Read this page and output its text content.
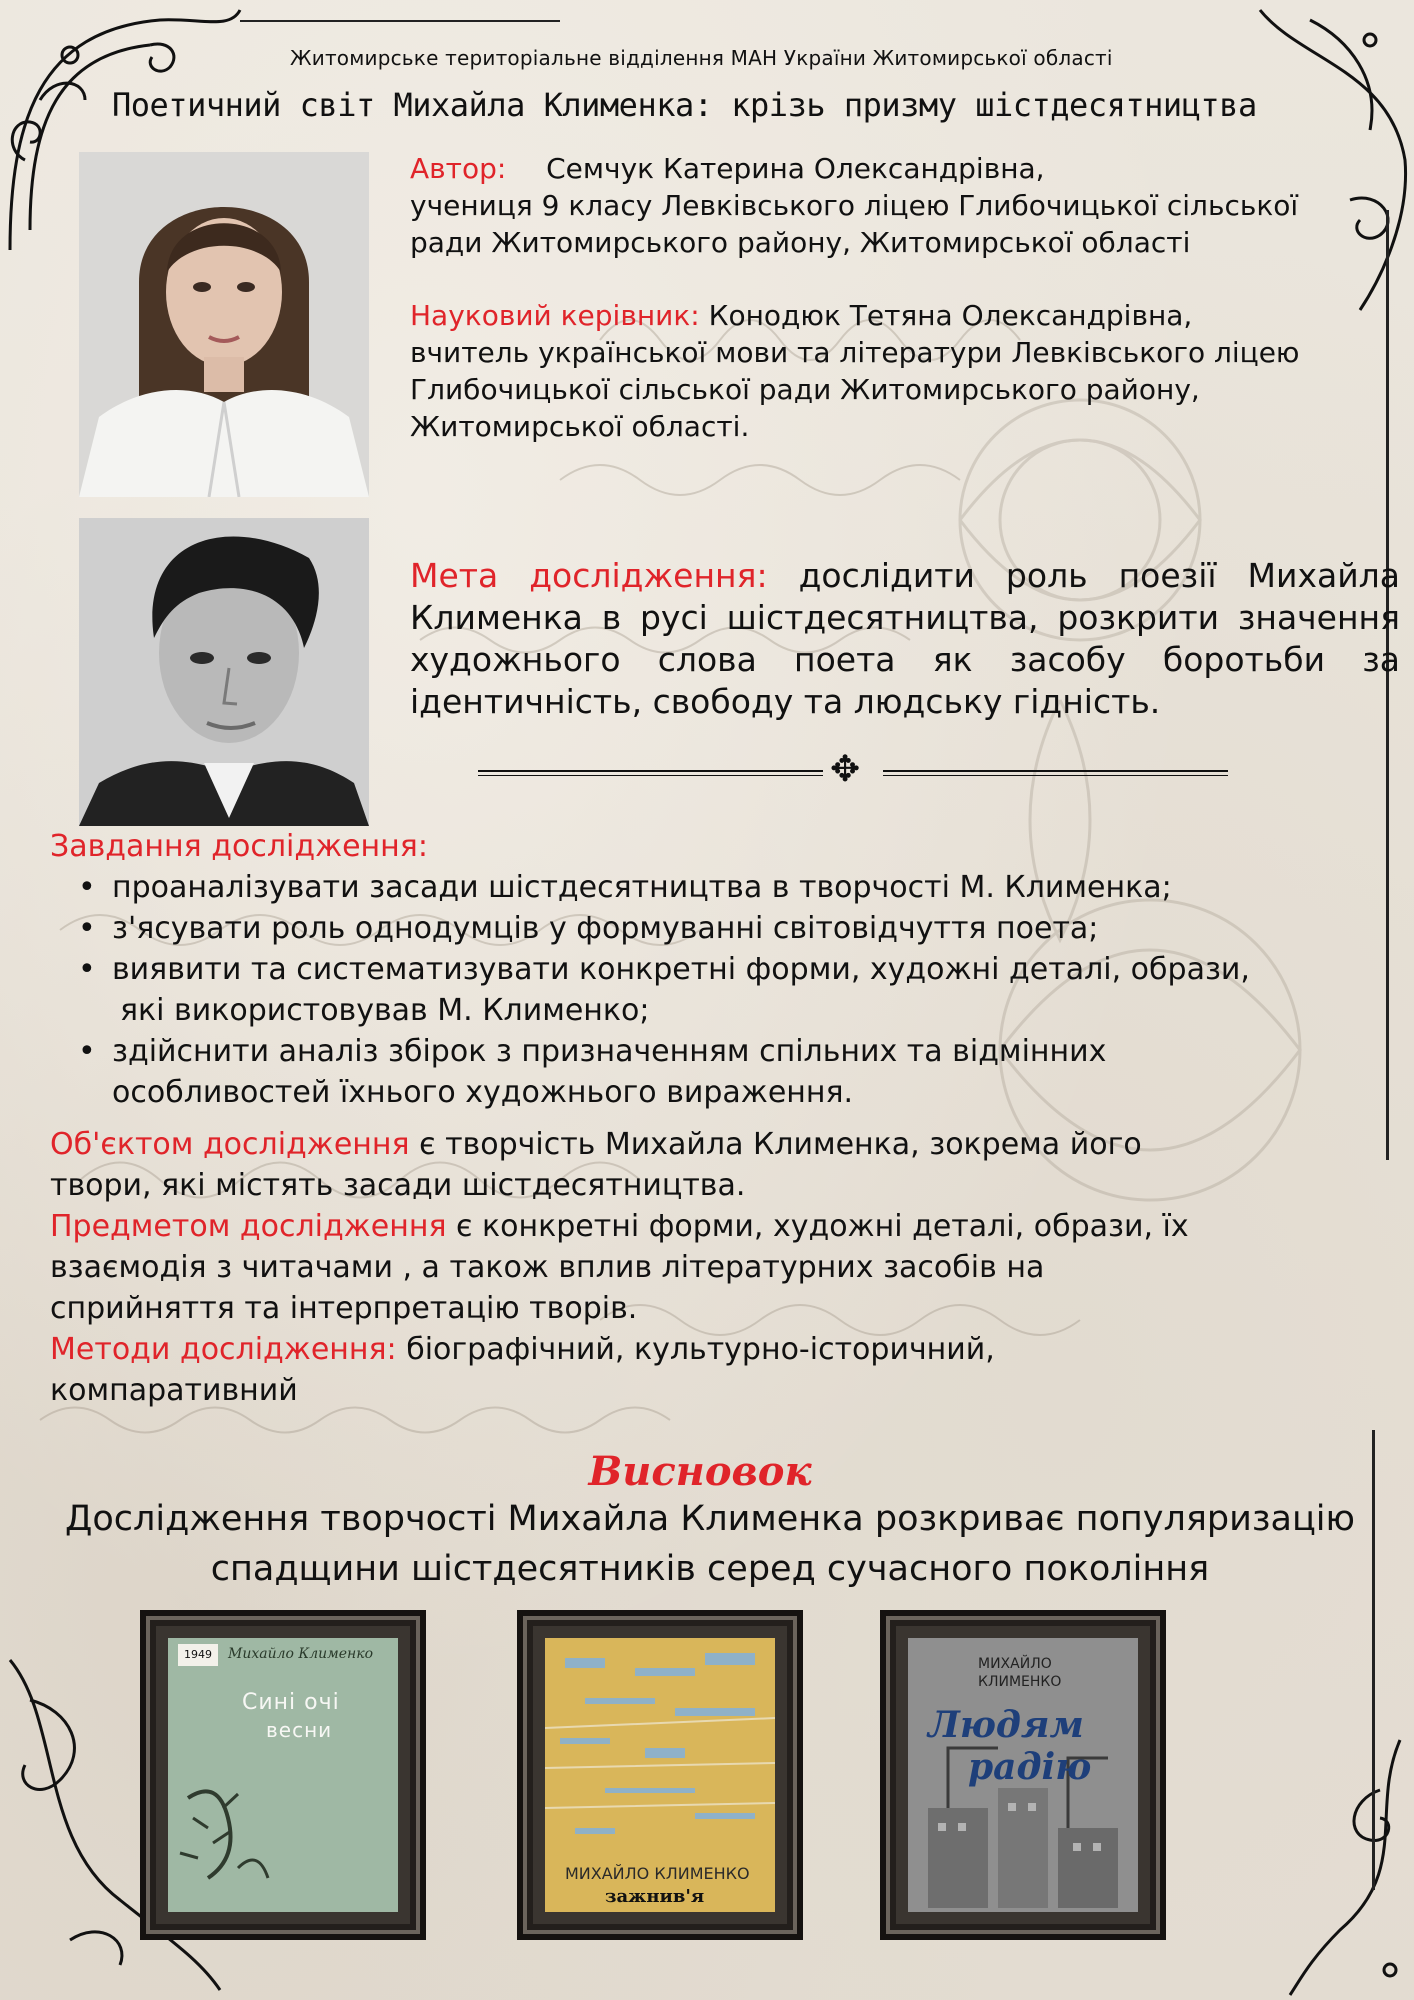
Житомирське територіальне відділення МАН України Житомирської області
Поетичний світ Михайла Клименка: крізь призму шістдесятництва
Автор: Семчук Катерина Олександрівна,
учениця 9 класу Левківського ліцею Глибочицької сільської
ради Житомирського району, Житомирської області
Науковий керівник: Конодюк Тетяна Олександрівна,
вчитель української мови та літератури Левківського ліцею
Глибочицької сільської ради Житомирського району,
Житомирської області.
Мета дослідження: дослідити роль поезії Михайла Клименка в русі шістдесятництва, розкрити значення художнього слова поета як засобу боротьби за ідентичність, свободу та людську гідність.
✥
Завдання дослідження:
• проаналізувати засади шістдесятництва в творчості М. Клименка;
• з'ясувати роль однодумців у формуванні світовідчуття поета;
• виявити та систематизувати конкретні форми, художні деталі, образи,
які використовував М. Клименко;
• здійснити аналіз збірок з призначенням спільних та відмінних
особливостей їхнього художнього вираження.
Об'єктом дослідження є творчість Михайла Клименка, зокрема його
твори, які містять засади шістдесятництва.
Предметом дослідження є конкретні форми, художні деталі, образи, їх
взаємодія з читачами , а також вплив літературних засобів на
сприйняття та інтерпретацію творів.
Методи дослідження: біографічний, культурно-історичний,
компаративний
Висновок
Дослідження творчості Михайла Клименка розкриває популяризацію
спадщини шістдесятників серед сучасного покоління
1949	Михайло Клименко
Сині очі
весни
МИХАЙЛО КЛИМЕНКО
зажнив'я
МИХАЙЛО
КЛИМЕНКО
Людям
радію
